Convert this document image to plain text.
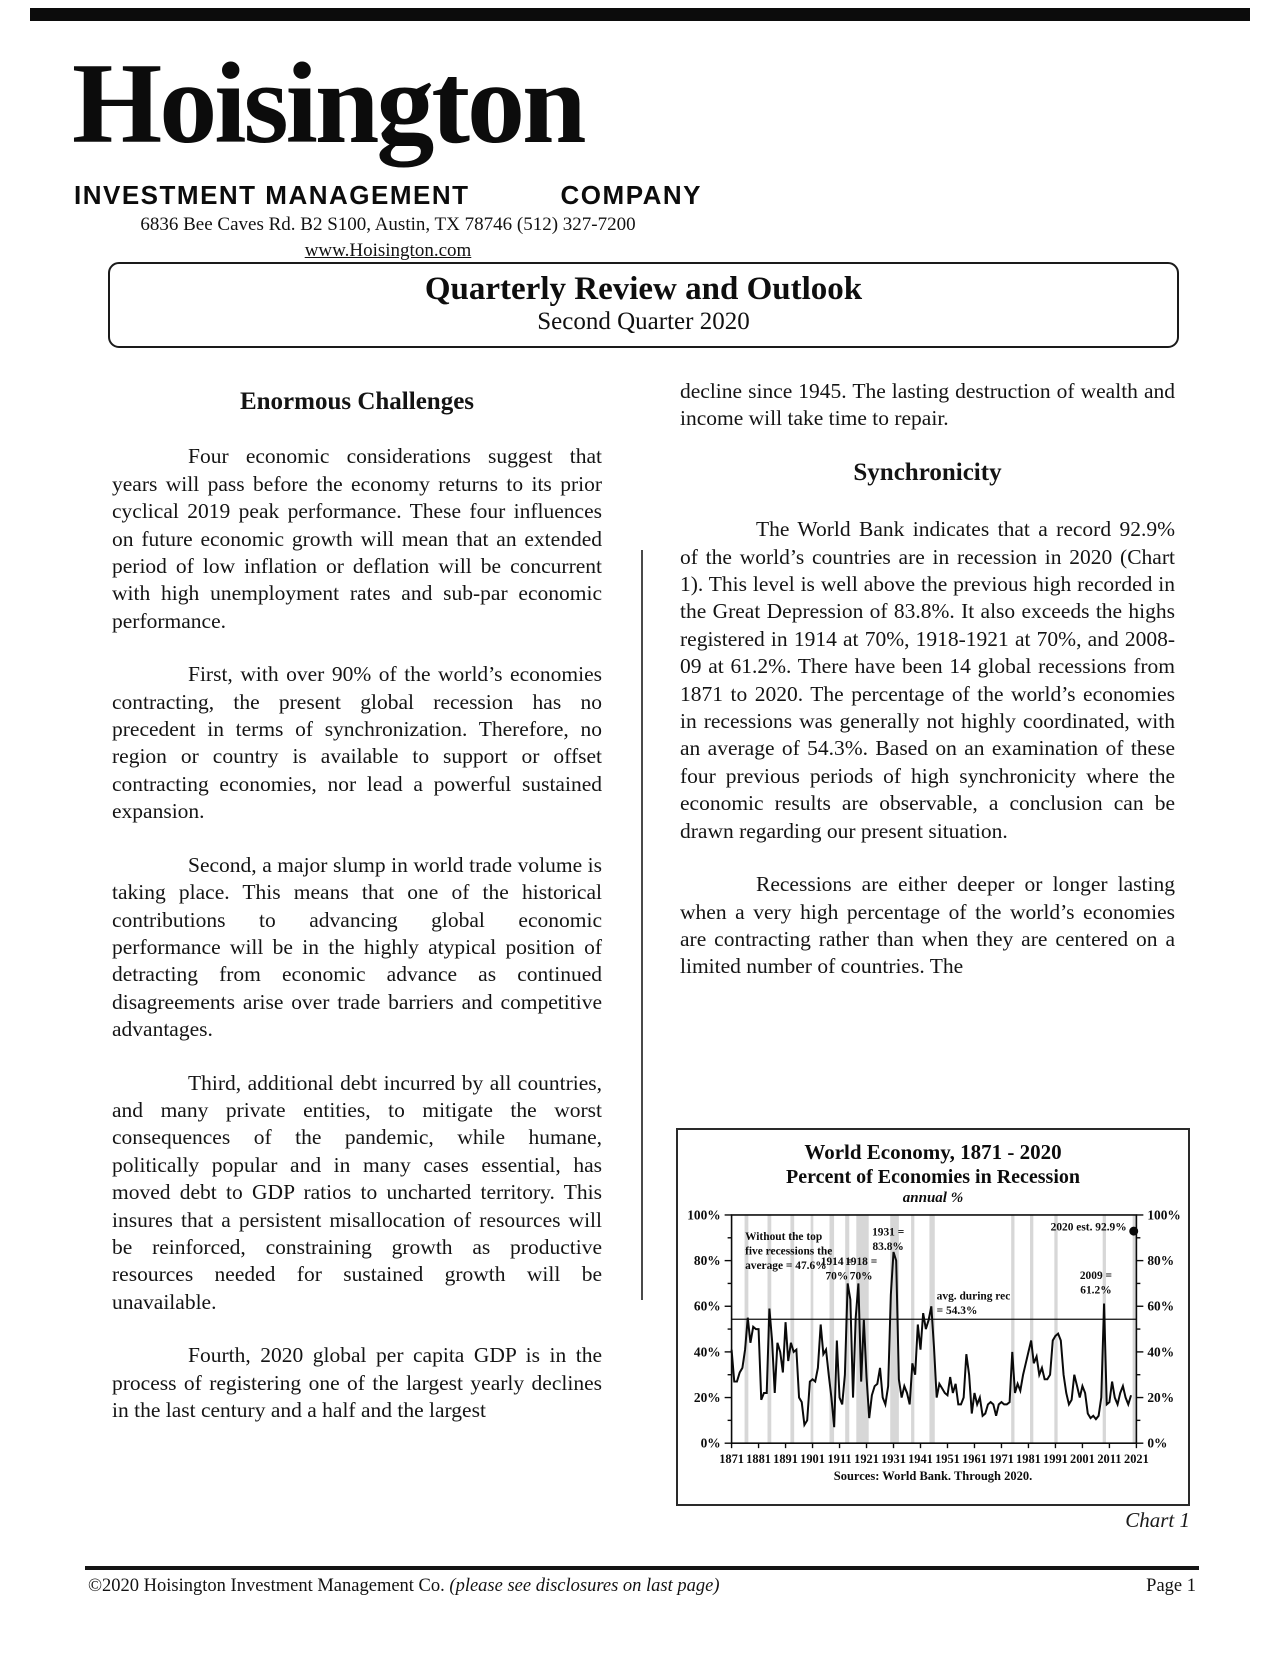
Hoisington
INVESTMENT MANAGEMENT	COMPANY
6836 Bee Caves Rd. B2 S100, Austin, TX 78746 (512) 327-7200
www.Hoisington.com
Quarterly Review and Outlook
Second Quarter 2020
Enormous Challenges

Four economic considerations suggest that years will pass before the economy returns to its prior cyclical 2019 peak performance. These four influences on future economic growth will mean that an extended period of low inflation or deflation will be concurrent with high unemployment rates and sub-par economic performance.

First, with over 90% of the world’s economies contracting, the present global recession has no precedent in terms of synchronization. Therefore, no region or country is available to support or offset contracting economies, nor lead a powerful sustained expansion.

Second, a major slump in world trade volume is taking place. This means that one of the historical contributions to advancing global economic performance will be in the highly atypical position of detracting from economic advance as continued disagreements arise over trade barriers and competitive advantages.

Third, additional debt incurred by all countries, and many private entities, to mitigate the worst consequences of the pandemic, while humane, politically popular and in many cases essential, has moved debt to GDP ratios to uncharted territory. This insures that a persistent misallocation of resources will be reinforced, constraining growth as productive resources needed for sustained growth will be unavailable.

Fourth, 2020 global per capita GDP is in the process of registering one of the largest yearly declines in the last century and a half and the largest

decline since 1945. The lasting destruction of wealth and income will take time to repair.

Synchronicity

The World Bank indicates that a record 92.9% of the world’s countries are in recession in 2020 (Chart 1). This level is well above the previous high recorded in the Great Depression of 83.8%. It also exceeds the highs registered in 1914 at 70%, 1918-1921 at 70%, and 2008-09 at 61.2%. There have been 14 global recessions from 1871 to 2020. The percentage of the world’s economies in recessions was generally not highly coordinated, with an average of 54.3%. Based on an examination of these four previous periods of high synchronicity where the economic results are observable, a conclusion can be drawn regarding our present situation.

Recessions are either deeper or longer lasting when a very high percentage of the world’s economies are contracting rather than when they are centered on a limited number of countries. The

World Economy, 1871 - 2020
Percent of Economies in Recession
annual %
0%	0%
20%	20%
40%	40%
60%	60%
80%	80%
100%	100%
1871 1881 1891 1901 1911 1921 1931 1941 1951 1961 1971 1981 1991 2001 2011 2021
Without the top five recessions the average = 47.6%
1914 = 70%
1918 = 70%
1931 = 83.8%
avg. during rec = 54.3%
2009 = 61.2%
2020 est. 92.9%
Sources: World Bank. Through 2020.
Chart 1
©2020 Hoisington Investment Management Co. (please see disclosures on last page)	Page 1
